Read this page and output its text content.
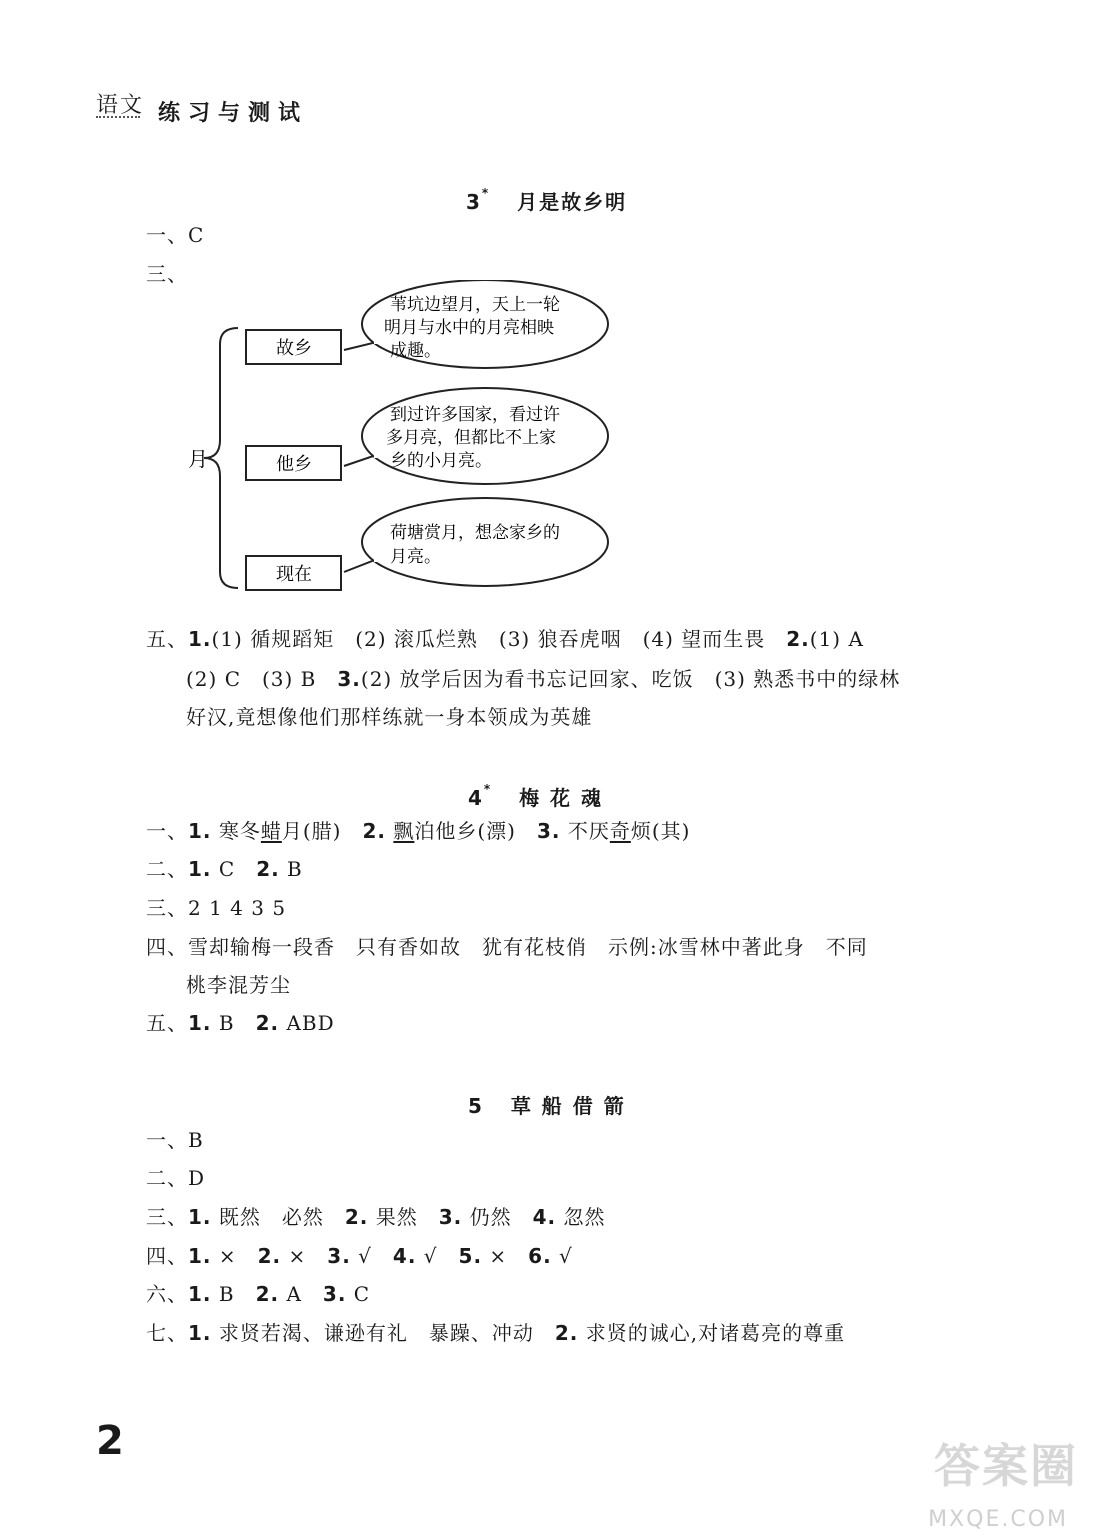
语文 练习与测试
3* 月是故乡明
一、C
三、
月
故乡
苇坑边望月，天上一轮
明月与水中的月亮相映
成趣。
他乡
到过许多国家，看过许
多月亮，但都比不上家
乡的小月亮。
现在
荷塘赏月，想念家乡的
月亮。
五、1.(1) 循规蹈矩　(2) 滚瓜烂熟　(3) 狼吞虎咽　(4) 望而生畏　2.(1) A
(2) C　(3) B　3.(2) 放学后因为看书忘记回家、吃饭　(3) 熟悉书中的绿林
好汉,竟想像他们那样练就一身本领成为英雄
4* 梅 花 魂
一、1. 寒冬蜡月(腊)　2. 飘泊他乡(漂)　3. 不厌奇烦(其)
二、1. C　2. B
三、2 1 4 3 5
四、雪却输梅一段香　只有香如故　犹有花枝俏　示例:冰雪林中著此身　不同
桃李混芳尘
五、1. B　2. ABD
5 草 船 借 箭
一、B
二、D
三、1. 既然　必然　2. 果然　3. 仍然　4. 忽然
四、1. ×　2. ×　3. √　4. √　5. ×　6. √
六、1. B　2. A　3. C
七、1. 求贤若渴、谦逊有礼　暴躁、冲动　2. 求贤的诚心,对诸葛亮的尊重
2	答案圈
MXQE.COM
